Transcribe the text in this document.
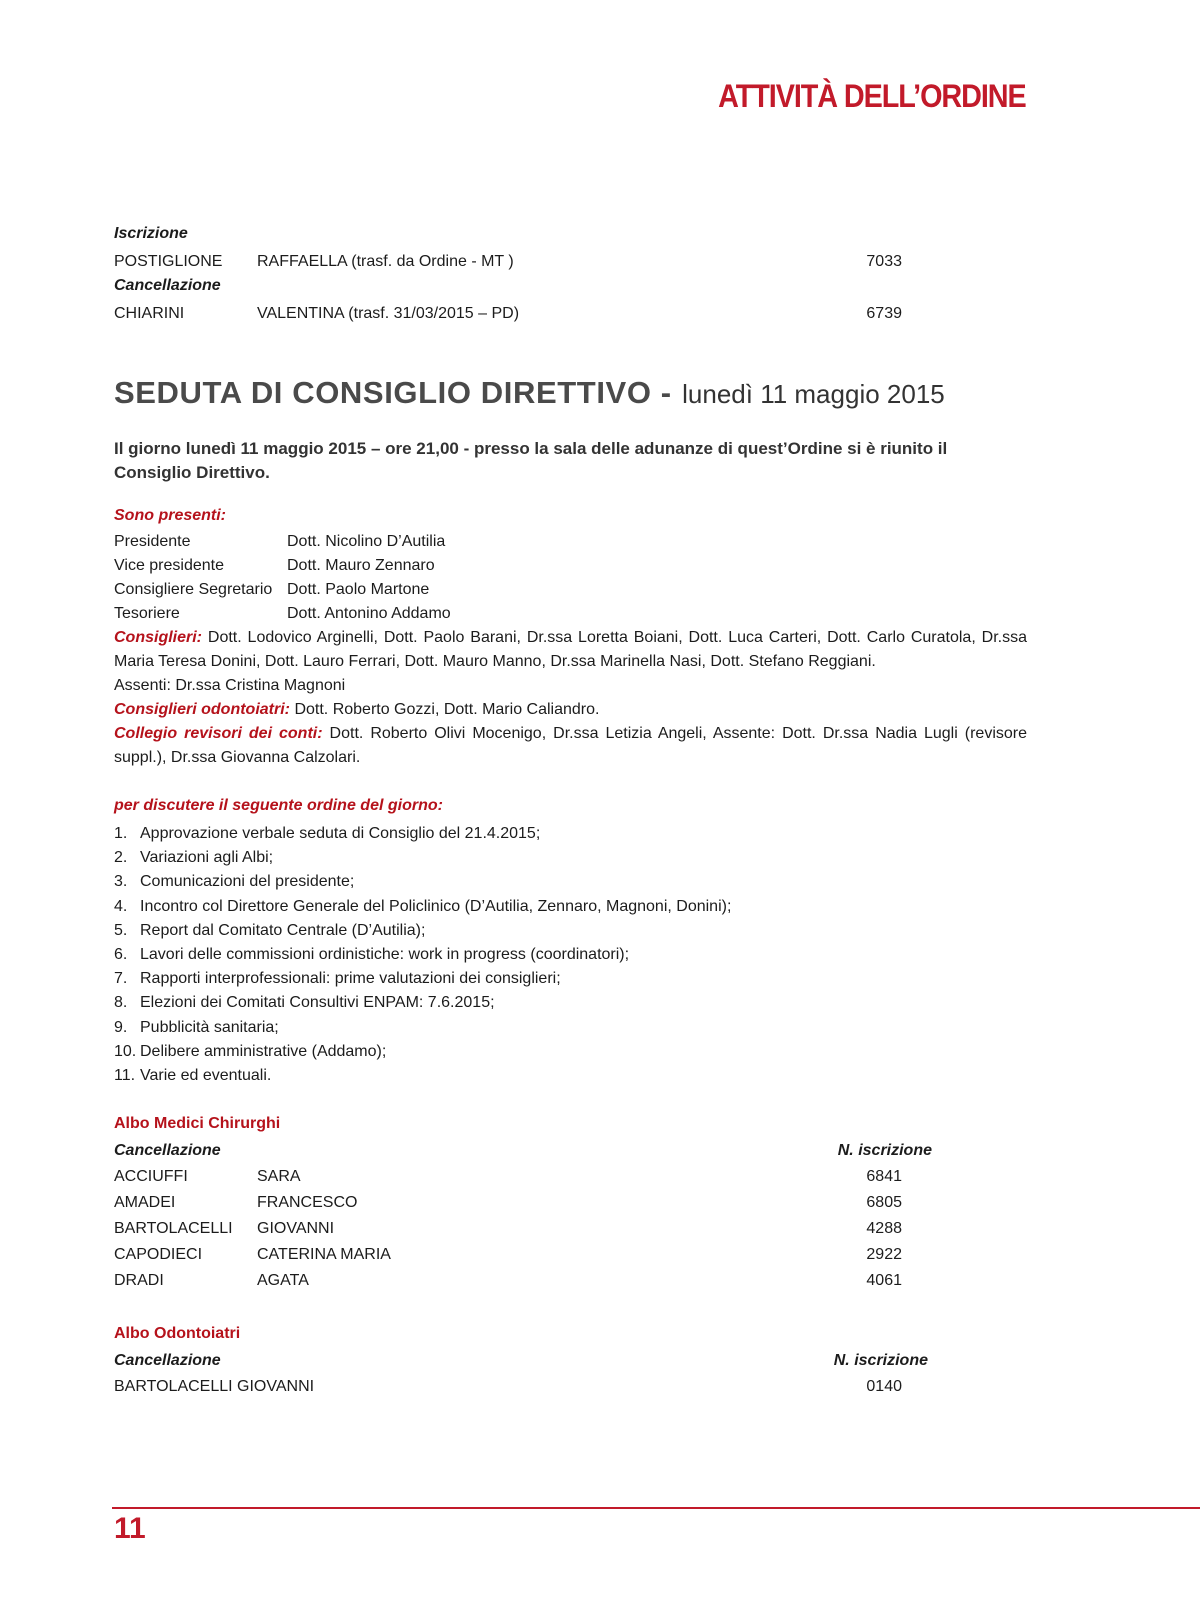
ATTIVITÀ DELL’ORDINE
Iscrizione
POSTIGLIONE RAFFAELLA (trasf. da Ordine - MT )	7033
Cancellazione
CHIARINI	VALENTINA (trasf. 31/03/2015 – PD)	6739
SEDUTA DI CONSIGLIO DIRETTIVO - lunedì 11 maggio 2015
Il giorno lunedì 11 maggio 2015 – ore 21,00 - presso la sala delle adunanze di quest’Ordine si è riunito il Consiglio Direttivo.
Sono presenti:
Presidente	Dott. Nicolino D’Autilia
Vice presidente	Dott. Mauro Zennaro
Consigliere Segretario Dott. Paolo Martone
Tesoriere	Dott. Antonino Addamo
Consiglieri: Dott. Lodovico Arginelli, Dott. Paolo Barani, Dr.ssa Loretta Boiani, Dott. Luca Carteri, Dott. Carlo Curatola, Dr.ssa Maria Teresa Donini, Dott. Lauro Ferrari, Dott. Mauro Manno, Dr.ssa Marinella Nasi, Dott. Stefano Reggiani.
Assenti: Dr.ssa Cristina Magnoni
Consiglieri odontoiatri: Dott. Roberto Gozzi, Dott. Mario Caliandro.
Collegio revisori dei conti: Dott. Roberto Olivi Mocenigo, Dr.ssa Letizia Angeli, Assente: Dott. Dr.ssa Nadia Lugli (revisore suppl.), Dr.ssa Giovanna Calzolari.
per discutere il seguente ordine del giorno:
1. Approvazione verbale seduta di Consiglio del 21.4.2015;
2. Variazioni agli Albi;
3. Comunicazioni del presidente;
4. Incontro col Direttore Generale del Policlinico (D’Autilia, Zennaro, Magnoni, Donini);
5. Report dal Comitato Centrale (D’Autilia);
6. Lavori delle commissioni ordinistiche: work in progress (coordinatori);
7. Rapporti interprofessionali: prime valutazioni dei consiglieri;
8. Elezioni dei Comitati Consultivi ENPAM: 7.6.2015;
9. Pubblicità sanitaria;
10. Delibere amministrative (Addamo);
11. Varie ed eventuali.
Albo Medici Chirurghi
Cancellazione	N. iscrizione
ACCIUFFI	SARA	6841
AMADEI	FRANCESCO	6805
BARTOLACELLI GIOVANNI	4288
CAPODIECI	CATERINA MARIA	2922
DRADI	AGATA	4061
Albo Odontoiatri
Cancellazione	N. iscrizione
BARTOLACELLI GIOVANNI	0140
11
